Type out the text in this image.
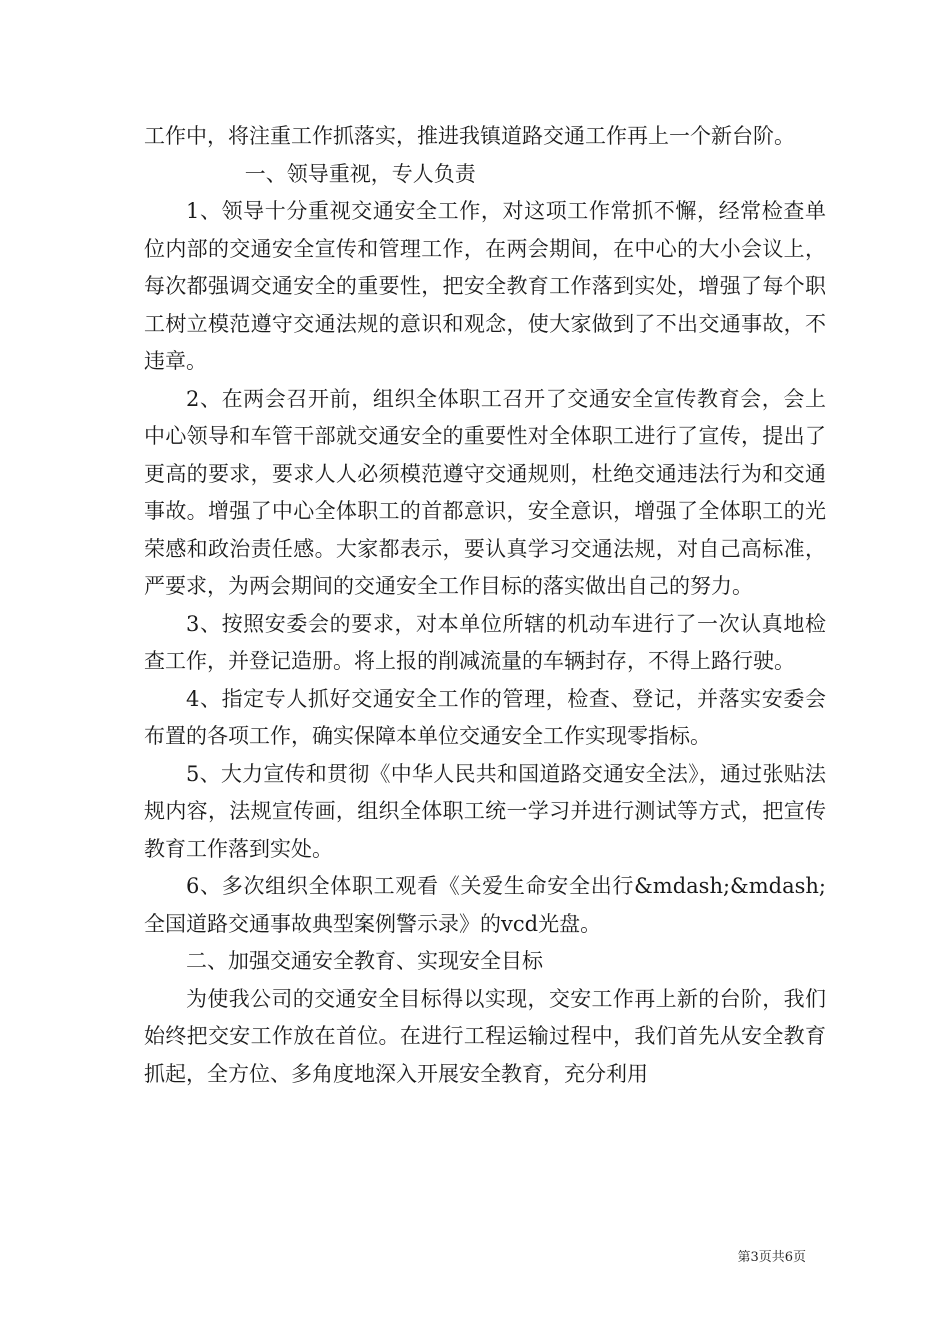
工作中，将注重工作抓落实，推进我镇道路交通工作再上一个新台阶。

一、领导重视，专人负责

1、领导十分重视交通安全工作，对这项工作常抓不懈，经常检查单位内部的交通安全宣传和管理工作，在两会期间，在中心的大小会议上，每次都强调交通安全的重要性，把安全教育工作落到实处，增强了每个职工树立模范遵守交通法规的意识和观念，使大家做到了不出交通事故，不违章。

2、在两会召开前，组织全体职工召开了交通安全宣传教育会，会上中心领导和车管干部就交通安全的重要性对全体职工进行了宣传，提出了更高的要求，要求人人必须模范遵守交通规则，杜绝交通违法行为和交通事故。增强了中心全体职工的首都意识，安全意识，增强了全体职工的光荣感和政治责任感。大家都表示，要认真学习交通法规，对自己高标准，严要求，为两会期间的交通安全工作目标的落实做出自己的努力。

3、按照安委会的要求，对本单位所辖的机动车进行了一次认真地检查工作，并登记造册。将上报的削减流量的车辆封存，不得上路行驶。

4、指定专人抓好交通安全工作的管理，检查、登记，并落实安委会布置的各项工作，确实保障本单位交通安全工作实现零指标。

5、大力宣传和贯彻《中华人民共和国道路交通安全法》，通过张贴法规内容，法规宣传画，组织全体职工统一学习并进行测试等方式，把宣传教育工作落到实处。

6、多次组织全体职工观看《关爱生命安全出行&mdash;&mdash;全国道路交通事故典型案例警示录》的vcd光盘。

二、加强交通安全教育、实现安全目标

为使我公司的交通安全目标得以实现，交安工作再上新的台阶，我们始终把交安工作放在首位。在进行工程运输过程中，我们首先从安全教育抓起，全方位、多角度地深入开展安全教育，充分利用

第3页共6页
